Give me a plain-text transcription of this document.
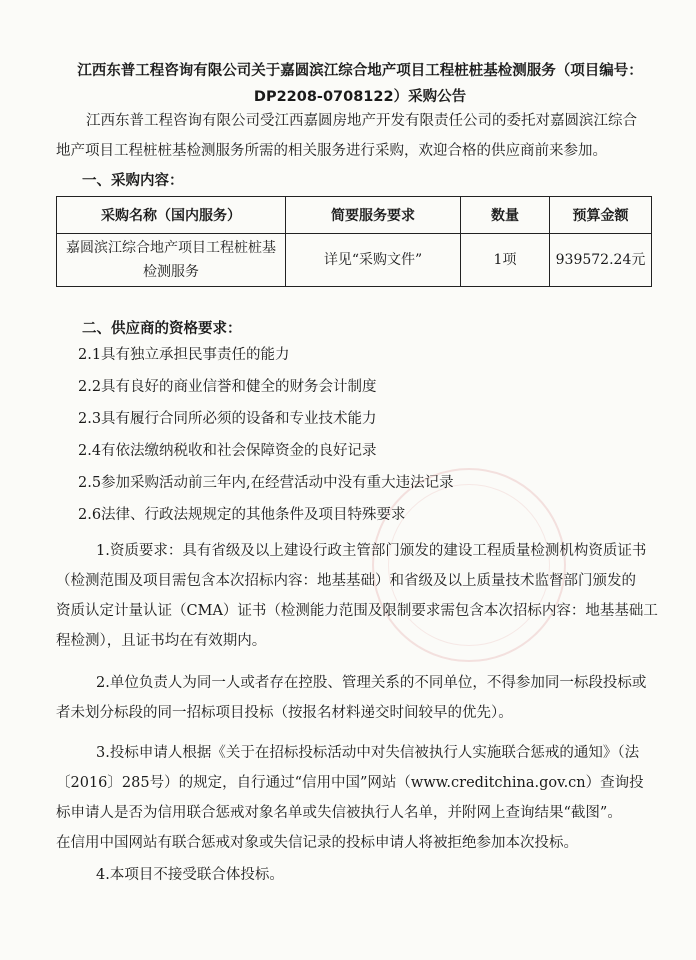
江西东普工程咨询有限公司关于嘉圆滨江综合地产项目工程桩桩基检测服务（项目编号：
DP2208-0708122）采购公告
江西东普工程咨询有限公司受江西嘉圆房地产开发有限责任公司的委托对嘉圆滨江综合
地产项目工程桩桩基检测服务所需的相关服务进行采购，欢迎合格的供应商前来参加。
一、采购内容：
采购名称（国内服务）	简要服务要求	数量	预算金额

嘉圆滨江综合地产项目工程桩桩基
检测服务	详见“采购文件”	1项	939572.24元
二、供应商的资格要求：
2.1具有独立承担民事责任的能力
2.2具有良好的商业信誉和健全的财务会计制度
2.3具有履行合同所必须的设备和专业技术能力
2.4有依法缴纳税收和社会保障资金的良好记录
2.5参加采购活动前三年内,在经营活动中没有重大违法记录
2.6法律、行政法规规定的其他条件及项目特殊要求
1.资质要求：具有省级及以上建设行政主管部门颁发的建设工程质量检测机构资质证书
（检测范围及项目需包含本次招标内容：地基基础）和省级及以上质量技术监督部门颁发的
资质认定计量认证（CMA）证书（检测能力范围及限制要求需包含本次招标内容：地基基础工
程检测），且证书均在有效期内。
2.单位负责人为同一人或者存在控股、管理关系的不同单位，不得参加同一标段投标或
者未划分标段的同一招标项目投标（按报名材料递交时间较早的优先）。
3.投标申请人根据《关于在招标投标活动中对失信被执行人实施联合惩戒的通知》（法
〔2016〕285号）的规定，自行通过“信用中国”网站（www.creditchina.gov.cn）查询投
标申请人是否为信用联合惩戒对象名单或失信被执行人名单，并附网上查询结果“截图”。
在信用中国网站有联合惩戒对象或失信记录的投标申请人将被拒绝参加本次投标。
4.本项目不接受联合体投标。
